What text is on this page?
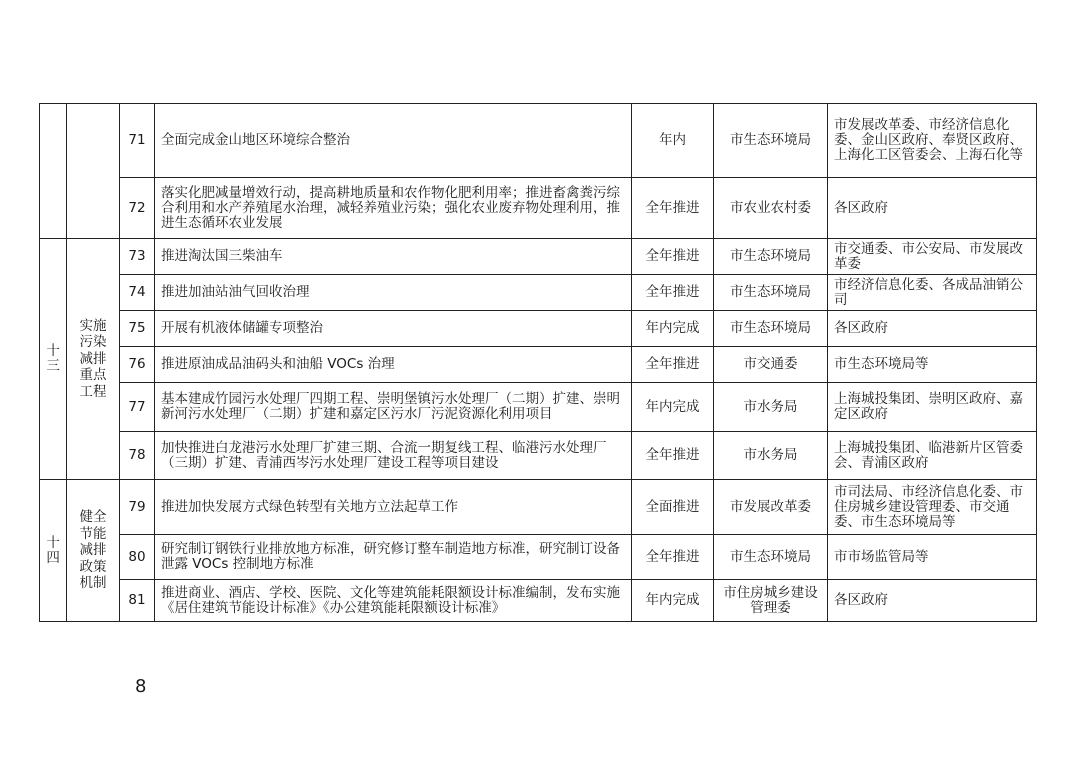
		71	全面完成金山地区环境综合整治	年内	市生态环境局	市发展改革委、市经济信息化委、金山区政府、奉贤区政府、上海化工区管委会、上海石化等
		72	落实化肥减量增效行动，提高耕地质量和农作物化肥利用率；推进畜禽粪污综合利用和水产养殖尾水治理，减轻养殖业污染；强化农业废弃物处理利用，推进生态循环农业发展	全年推进	市农业农村委	各区政府
十三	实施污染减排重点工程	73	推进淘汰国三柴油车	全年推进	市生态环境局	市交通委、市公安局、市发展改革委
		74	推进加油站油气回收治理	全年推进	市生态环境局	市经济信息化委、各成品油销公司
		75	开展有机液体储罐专项整治	年内完成	市生态环境局	各区政府
		76	推进原油成品油码头和油船 VOCs 治理	全年推进	市交通委	市生态环境局等
		77	基本建成竹园污水处理厂四期工程、崇明堡镇污水处理厂（二期）扩建、崇明新河污水处理厂（二期）扩建和嘉定区污水厂污泥资源化利用项目	年内完成	市水务局	上海城投集团、崇明区政府、嘉定区政府
		78	加快推进白龙港污水处理厂扩建三期、合流一期复线工程、临港污水处理厂（三期）扩建、青浦西岑污水处理厂建设工程等项目建设	全年推进	市水务局	上海城投集团、临港新片区管委会、青浦区政府
十四	健全节能减排政策机制	79	推进加快发展方式绿色转型有关地方立法起草工作	全面推进	市发展改革委	市司法局、市经济信息化委、市住房城乡建设管理委、市交通委、市生态环境局等
		80	研究制订钢铁行业排放地方标准，研究修订整车制造地方标准，研究制订设备泄露 VOCs 控制地方标准	全年推进	市生态环境局	市市场监管局等
		81	推进商业、酒店、学校、医院、文化等建筑能耗限额设计标准编制，发布实施《居住建筑节能设计标准》《办公建筑能耗限额设计标准》	年内完成	市住房城乡建设管理委	各区政府
8
